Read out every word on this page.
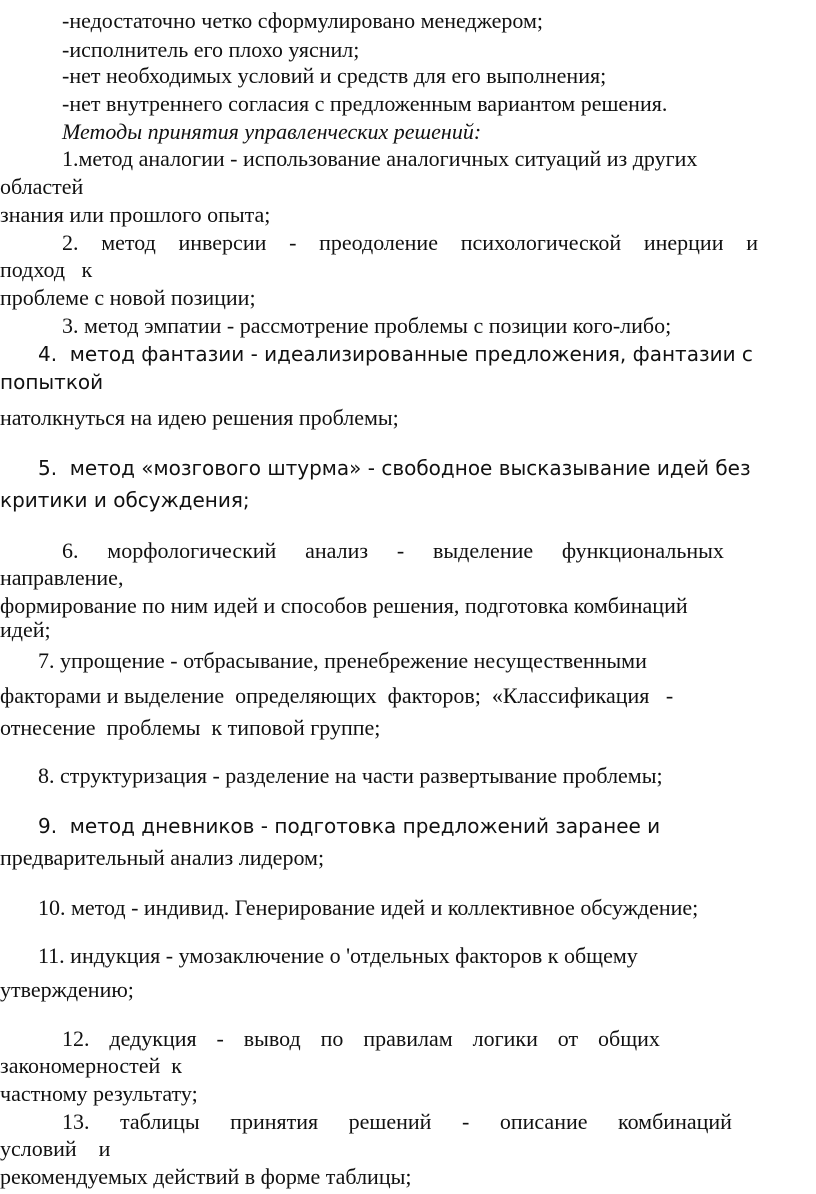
-недостаточно четко сформулировано менеджером;
-исполнитель его плохо уяснил;
-нет необходимых условий и средств для его выполнения;
-нет внутреннего согласия с предложенным вариантом решения.
Методы принятия управленческих решений:
1.метод аналогии - использование аналогичных ситуаций из других
областей
знания или прошлого опыта;
2. метод инверсии - преодоление психологической инерции и
подход   к
проблеме с новой позиции;
3. метод эмпатии - рассмотрение проблемы с позиции кого-либо;
4.  метод фантазии - идеализированные предложения, фантазии с
попыткой
натолкнуться на идею решения проблемы;
5.  метод «мозгового штурма» - свободное высказывание идей без
критики и обсуждения;
6. морфологический анализ - выделение функциональных
направление,
формирование по ним идей и способов решения, подготовка комбинаций
идей;
7. упрощение - отбрасывание, пренебрежение несущественными
факторами и выделение  определяющих  факторов;  «Классификация   -
отнесение  проблемы  к типовой группе;
8. структуризация - разделение на части развертывание проблемы;
9.  метод дневников - подготовка предложений заранее и
предварительный анализ лидером;
10. метод - индивид. Генерирование идей и коллективное обсуждение;
11. индукция - умозаключение о 'отдельных факторов к общему
утверждению;
12. дедукция - вывод по правилам логики от общих
закономерностей  к
частному результату;
13. таблицы принятия решений - описание комбинаций
условий    и
рекомендуемых действий в форме таблицы;
